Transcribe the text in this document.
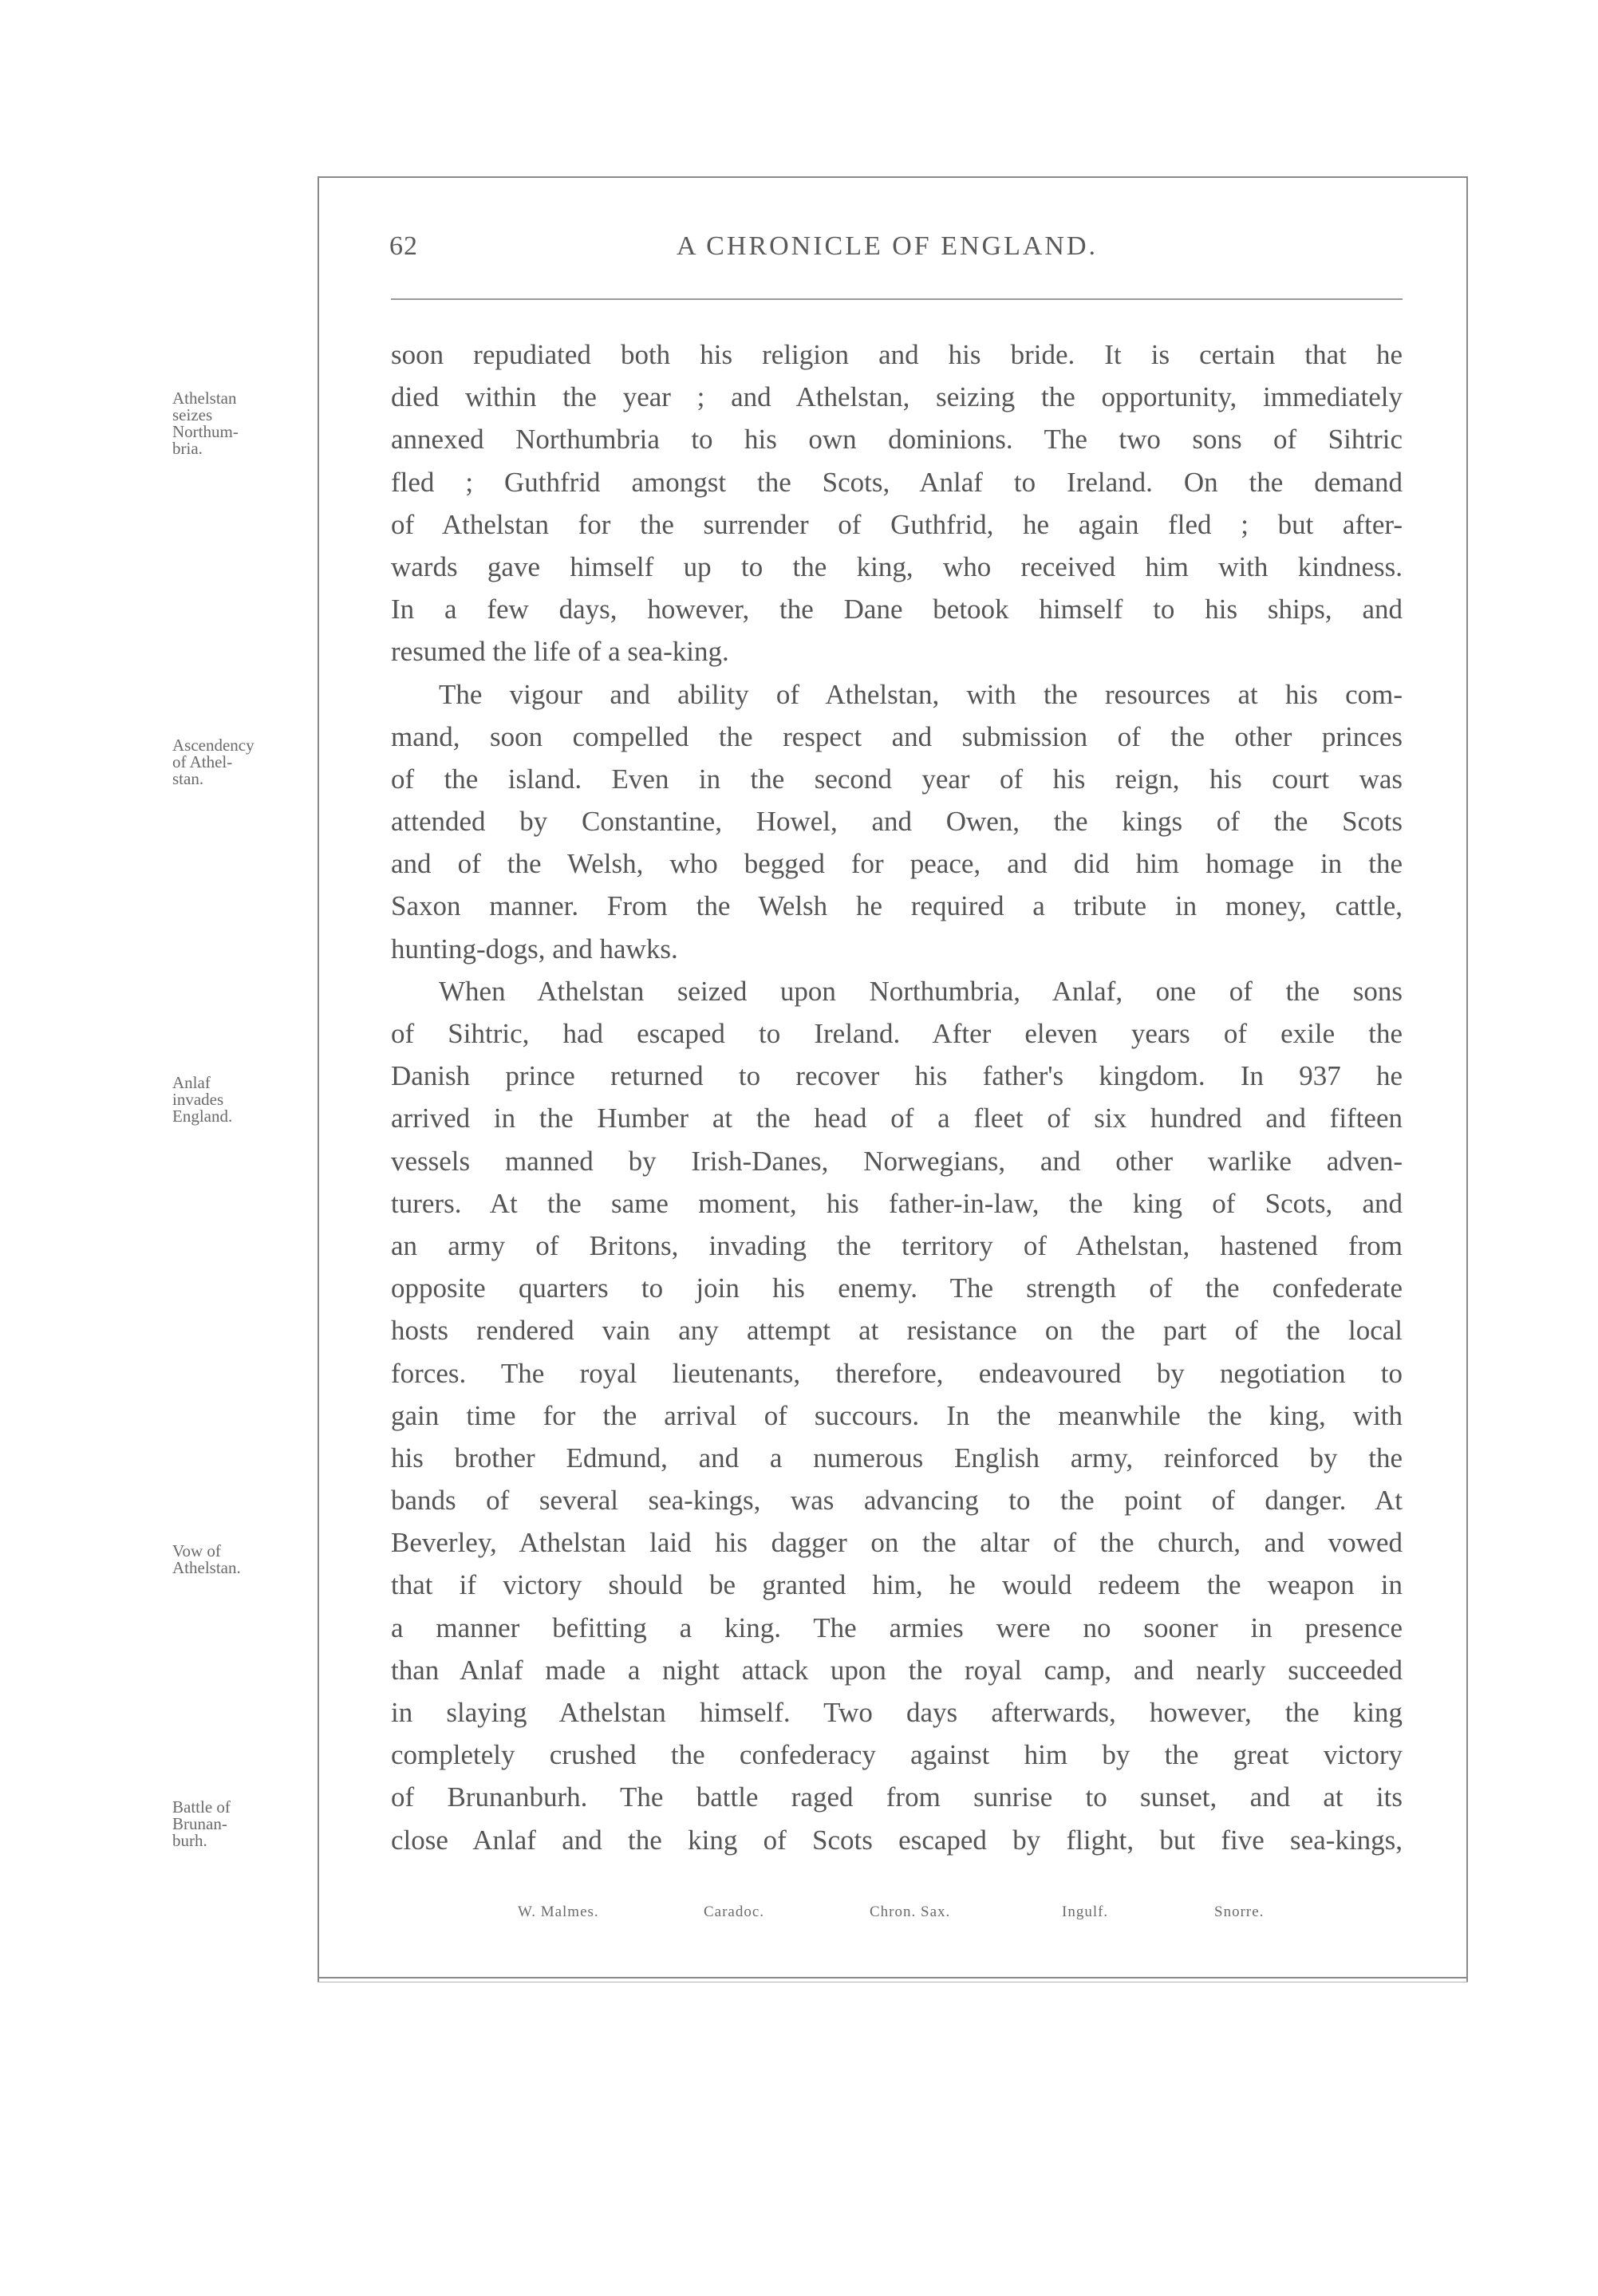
62	A CHRONICLE OF ENGLAND.
Athelstan
seizes
Northum-
bria.
Ascendency
of Athel-
stan.
Anlaf
invades
England.
Vow of
Athelstan.
Battle of
Brunan-
burh.
soon repudiated both his religion and his bride. It is certain that he
died within the year ; and Athelstan, seizing the opportunity, immediately
annexed Northumbria to his own dominions. The two sons of Sihtric
fled ; Guthfrid amongst the Scots, Anlaf to Ireland. On the demand
of Athelstan for the surrender of Guthfrid, he again fled ; but after-
wards gave himself up to the king, who received him with kindness.
In a few days, however, the Dane betook himself to his ships, and
resumed the life of a sea-king.
The vigour and ability of Athelstan, with the resources at his com-
mand, soon compelled the respect and submission of the other princes
of the island. Even in the second year of his reign, his court was
attended by Constantine, Howel, and Owen, the kings of the Scots
and of the Welsh, who begged for peace, and did him homage in the
Saxon manner. From the Welsh he required a tribute in money, cattle,
hunting-dogs, and hawks.
When Athelstan seized upon Northumbria, Anlaf, one of the sons
of Sihtric, had escaped to Ireland. After eleven years of exile the
Danish prince returned to recover his father's kingdom. In 937 he
arrived in the Humber at the head of a fleet of six hundred and fifteen
vessels manned by Irish-Danes, Norwegians, and other warlike adven-
turers. At the same moment, his father-in-law, the king of Scots, and
an army of Britons, invading the territory of Athelstan, hastened from
opposite quarters to join his enemy. The strength of the confederate
hosts rendered vain any attempt at resistance on the part of the local
forces. The royal lieutenants, therefore, endeavoured by negotiation to
gain time for the arrival of succours. In the meanwhile the king, with
his brother Edmund, and a numerous English army, reinforced by the
bands of several sea-kings, was advancing to the point of danger. At
Beverley, Athelstan laid his dagger on the altar of the church, and vowed
that if victory should be granted him, he would redeem the weapon in
a manner befitting a king. The armies were no sooner in presence
than Anlaf made a night attack upon the royal camp, and nearly succeeded
in slaying Athelstan himself. Two days afterwards, however, the king
completely crushed the confederacy against him by the great victory
of Brunanburh. The battle raged from sunrise to sunset, and at its
close Anlaf and the king of Scots escaped by flight, but five sea-kings,
W. Malmes.	Caradoc.	Chron. Sax.	Ingulf.	Snorre.
